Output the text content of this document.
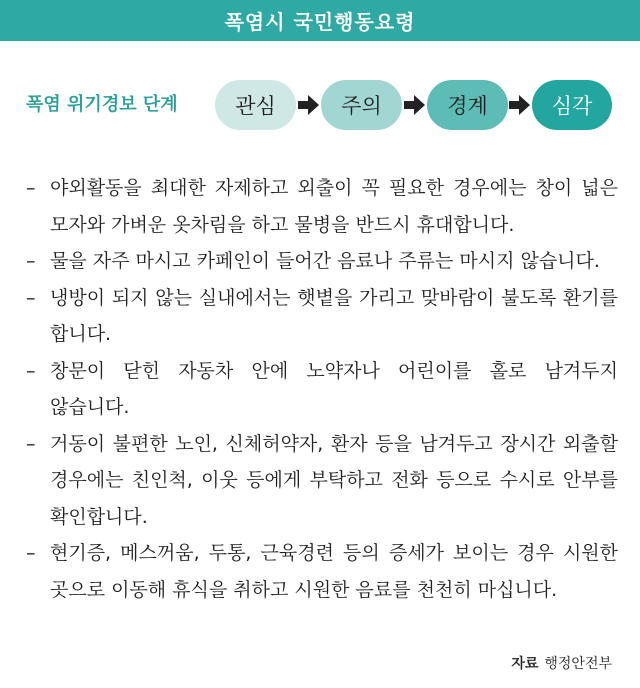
폭염시 국민행동요령
폭염 위기경보 단계	관심	주의	경계	심각
– 야외활동을 최대한 자제하고 외출이 꼭 필요한 경우에는 창이 넓은 모자와 가벼운 옷차림을 하고 물병을 반드시 휴대합니다.
– 물을 자주 마시고 카페인이 들어간 음료나 주류는 마시지 않습니다.
– 냉방이 되지 않는 실내에서는 햇볕을 가리고 맞바람이 불도록 환기를 합니다.
– 창문이 닫힌 자동차 안에 노약자나 어린이를 홀로 남겨두지 않습니다.
– 거동이 불편한 노인, 신체허약자, 환자 등을 남겨두고 장시간 외출할 경우에는 친인척, 이웃 등에게 부탁하고 전화 등으로 수시로 안부를 확인합니다.
– 현기증, 메스꺼움, 두통, 근육경련 등의 증세가 보이는 경우 시원한 곳으로 이동해 휴식을 취하고 시원한 음료를 천천히 마십니다.
자료 행정안전부
